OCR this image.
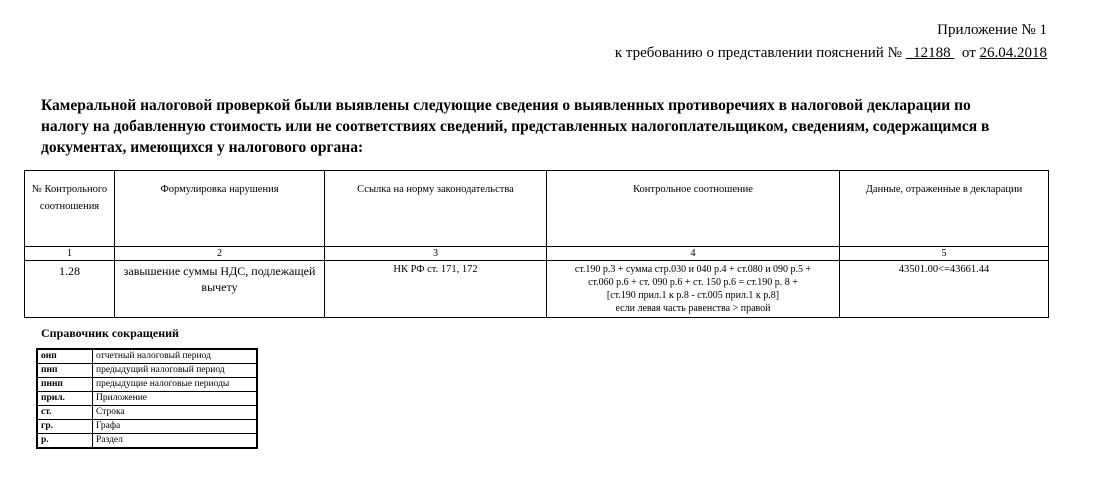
Приложение № 1
к требованию о представлении пояснений № 12188 от 26.04.2018
Камеральной налоговой проверкой были выявлены следующие сведения о выявленных противоречиях в налоговой декларации по налогу на добавленную стоимость или не соответствиях сведений, представленных налогоплательщиком, сведениям, содержащимся в документах, имеющихся у налогового органа:
№ Контрольного соотношения	Формулировка нарушения	Ссылка на норму законодательства	Контрольное соотношение	Данные, отраженные в декларации
1	2	3	4	5
1.28	завышение суммы НДС, подлежащей вычету	НК РФ ст. 171, 172	ст.190 р.3 + сумма стр.030 и 040 р.4 + ст.080 и 090 р.5 +
ст.060 р.6 + ст. 090 р.6 + ст. 150 р.6 = ст.190 р. 8 +
[ст.190 прил.1 к р.8 - ст.005 прил.1 к р.8]
если левая часть равенства > правой	43501.00<=43661.44
Справочник сокращений
онп	отчетный налоговый период
пнп	предыдущий налоговый период
пннп	предыдущие налоговые периоды
прил.	Приложение
ст.	Строка
гр.	Графа
р.	Раздел
